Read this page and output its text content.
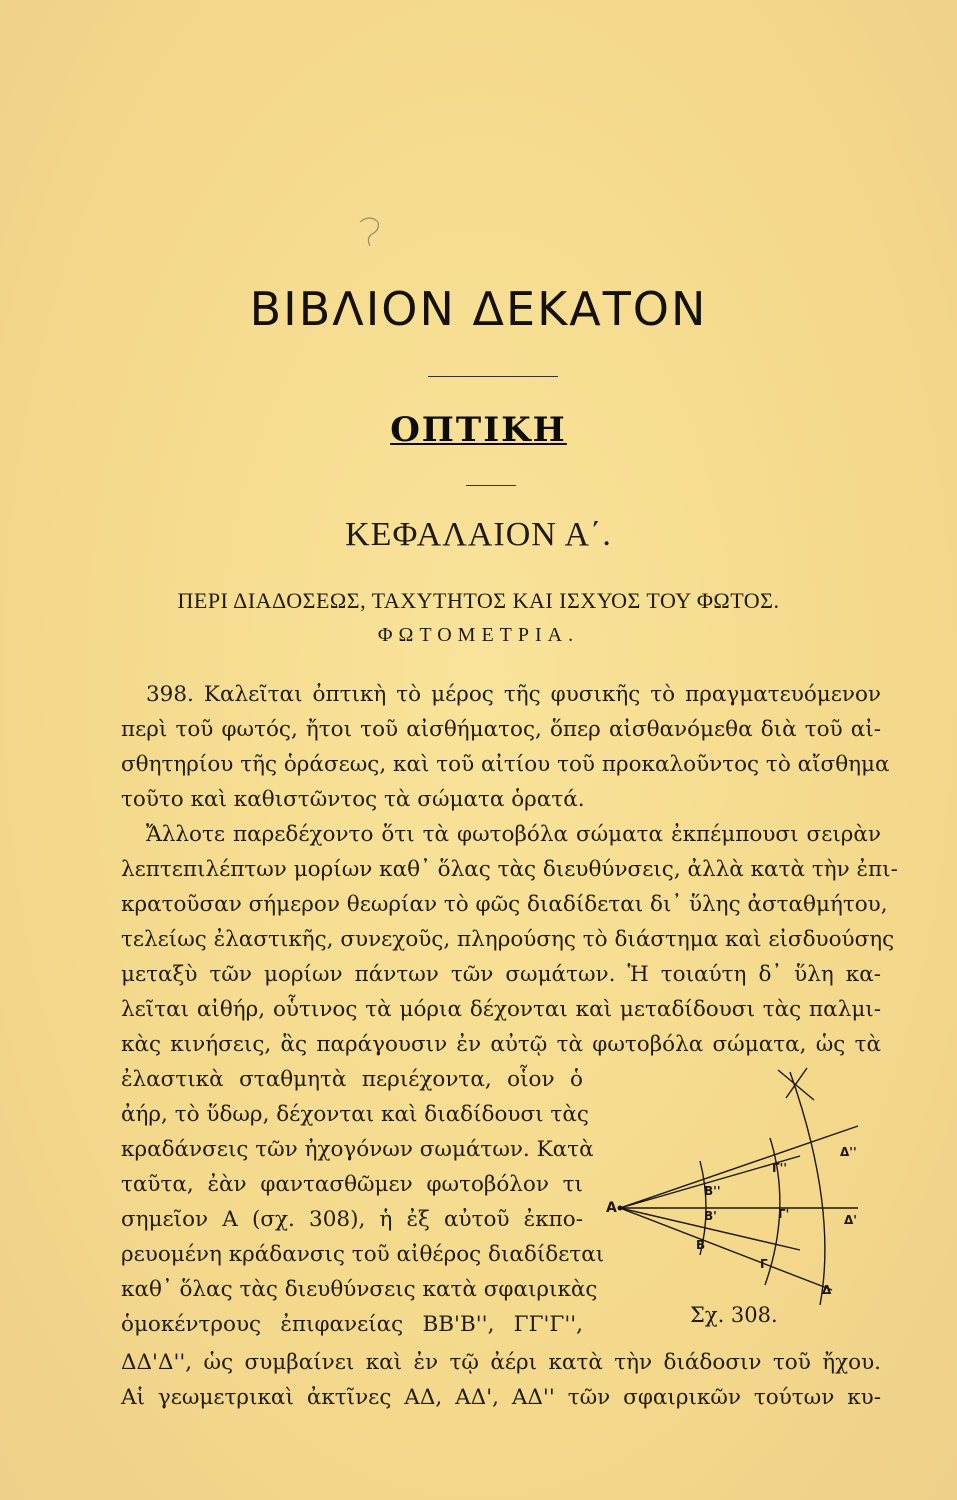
ΒΙΒΛΙΟΝ ΔΕΚΑΤΟΝ
ΟΠΤΙΚΗ
ΚΕΦΑΛΑΙΟΝ Α΄.
ΠΕΡΙ ΔΙΑΔΟΣΕΩΣ, ΤΑΧΥΤΗΤΟΣ ΚΑΙ ΙΣΧΥΟΣ ΤΟΥ ΦΩΤΟΣ.
ΦΩΤΟΜΕΤΡΙΑ.
398. Καλεῖται ὀπτικὴ τὸ μέρος τῆς φυσικῆς τὸ πραγματευόμενον
περὶ τοῦ φωτός, ἤτοι τοῦ αἰσθήματος, ὅπερ αἰσθανόμεθα διὰ τοῦ αἰ-
σθητηρίου τῆς ὁράσεως, καὶ τοῦ αἰτίου τοῦ προκαλοῦντος τὸ αἴσθημα
τοῦτο καὶ καθιστῶντος τὰ σώματα ὁρατά.
Ἄλλοτε παρεδέχοντο ὅτι τὰ φωτοβόλα σώματα ἐκπέμπουσι σειρὰν
λεπτεπιλέπτων μορίων καθ᾽ ὅλας τὰς διευθύνσεις, ἀλλὰ κατὰ τὴν ἐπι-
κρατοῦσαν σήμερον θεωρίαν τὸ φῶς διαδίδεται δι᾽ ὕλης ἀσταθμήτου,
τελείως ἐλαστικῆς, συνεχοῦς, πληρούσης τὸ διάστημα καὶ εἰσδυούσης
μεταξὺ τῶν μορίων πάντων τῶν σωμάτων. Ἡ τοιαύτη δ᾽ ὕλη κα-
λεῖται αἰθήρ, οὗτινος τὰ μόρια δέχονται καὶ μεταδίδουσι τὰς παλμι-
κὰς κινήσεις, ἃς παράγουσιν ἐν αὐτῷ τὰ φωτοβόλα σώματα, ὡς τὰ
ἐλαστικὰ σταθμητὰ περιέχοντα, οἷον ὁ
ἀήρ, τὸ ὕδωρ, δέχονται καὶ διαδίδουσι τὰς
κραδάνσεις τῶν ἠχογόνων σωμάτων. Κατὰ
ταῦτα, ἐὰν φαντασθῶμεν φωτοβόλον τι
σημεῖον Α (σχ. 308), ἡ ἐξ αὐτοῦ ἐκπο-
ρευομένη κράδανσις τοῦ αἰθέρος διαδίδεται
καθ᾽ ὅλας τὰς διευθύνσεις κατὰ σφαιρικὰς
ὁμοκέντρους ἐπιφανείας ΒΒ'Β'', ΓΓ'Γ'',
ΔΔ'Δ'', ὡς συμβαίνει καὶ ἐν τῷ ἀέρι κατὰ τὴν διάδοσιν τοῦ ἤχου.
Αἱ γεωμετρικαὶ ἀκτῖνες ΑΔ, ΑΔ', ΑΔ'' τῶν σφαιρικῶν τούτων κυ-
A
B
B'
B''
Γ
Γ'
Γ''
Δ
Δ'
Δ''
Σχ. 308.
